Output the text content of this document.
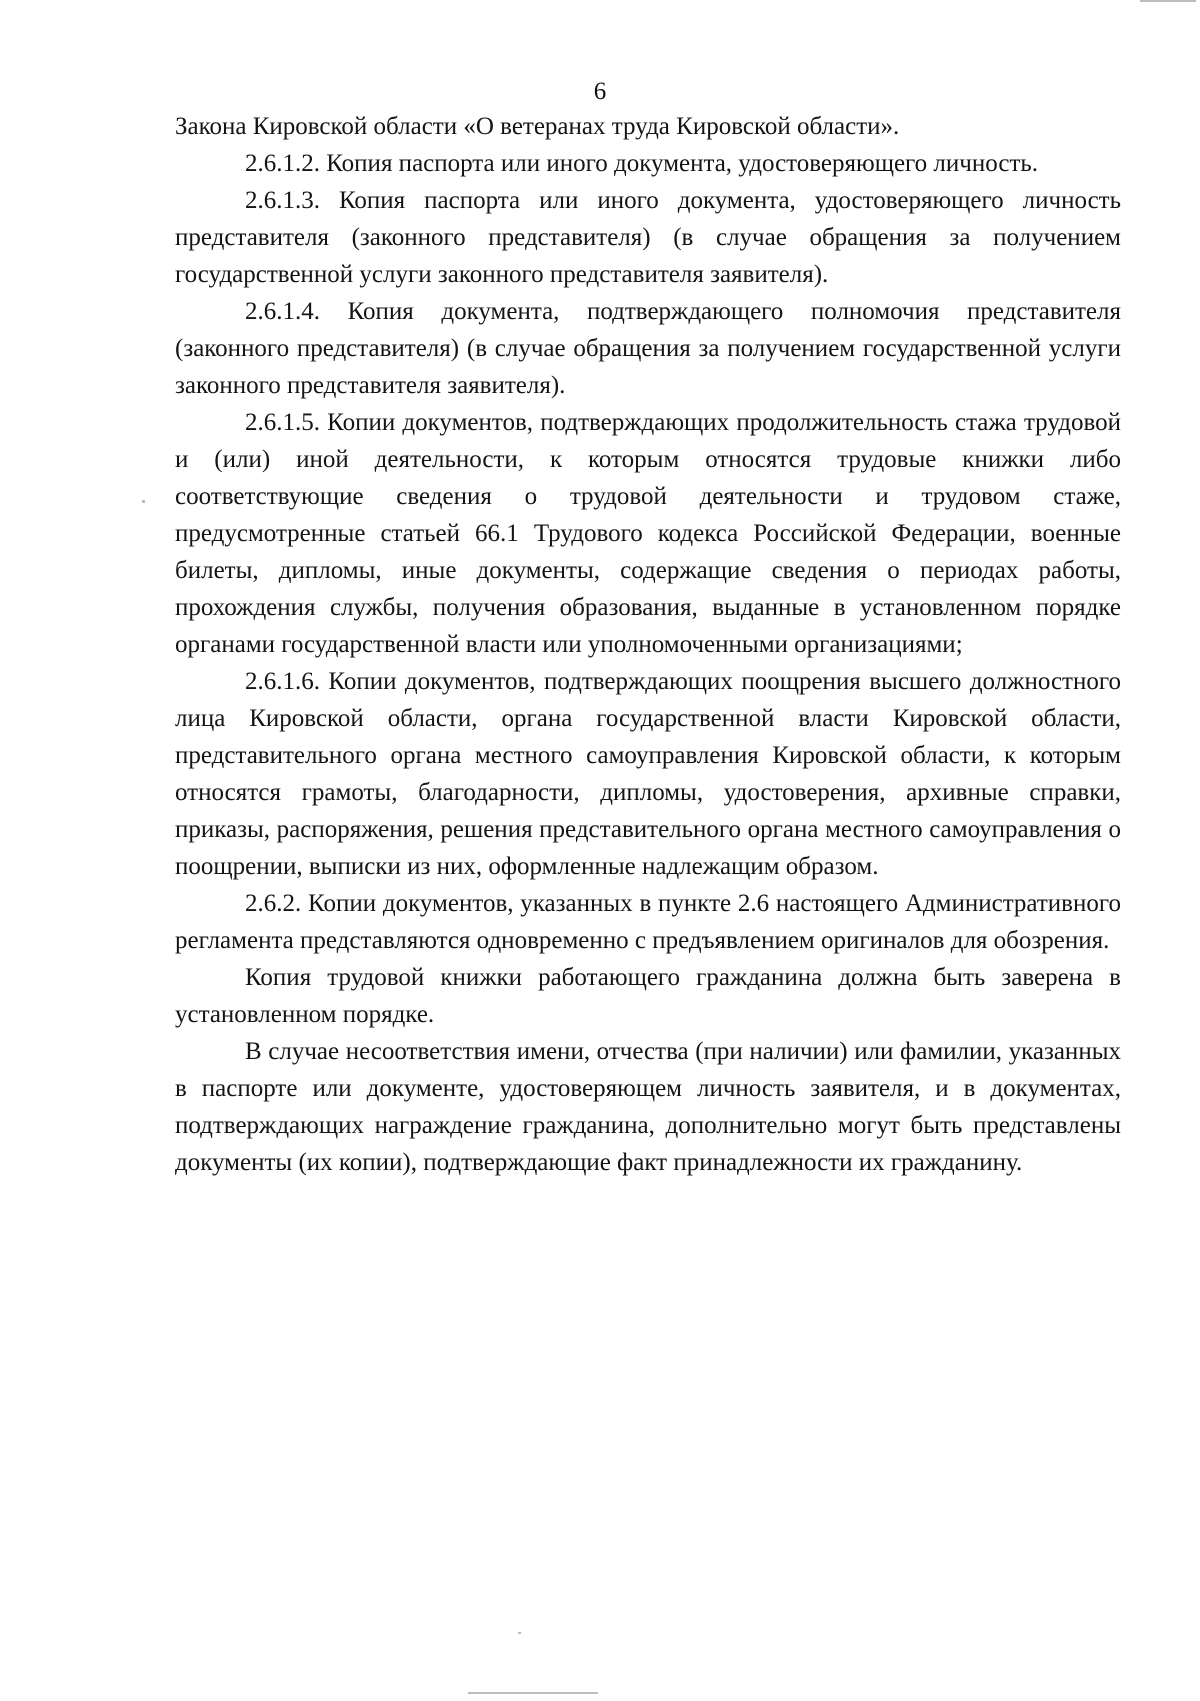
6

Закона Кировской области «О ветеранах труда Кировской области».

2.6.1.2. Копия паспорта или иного документа, удостоверяющего личность.

2.6.1.3. Копия паспорта или иного документа, удостоверяющего личность представителя (законного представителя) (в случае обращения за получением государственной услуги законного представителя заявителя).

2.6.1.4. Копия документа, подтверждающего полномочия представителя (законного представителя) (в случае обращения за получением государственной услуги законного представителя заявителя).

2.6.1.5. Копии документов, подтверждающих продолжительность стажа трудовой и (или) иной деятельности, к которым относятся трудовые книжки либо соответствующие сведения о трудовой деятельности и трудовом стаже, предусмотренные статьей 66.1 Трудового кодекса Российской Федерации, военные билеты, дипломы, иные документы, содержащие сведения о периодах работы, прохождения службы, получения образования, выданные в установленном порядке органами государственной власти или уполномоченными организациями;

2.6.1.6. Копии документов, подтверждающих поощрения высшего должностного лица Кировской области, органа государственной власти Кировской области, представительного органа местного самоуправления Кировской области, к которым относятся грамоты, благодарности, дипломы, удостоверения, архивные справки, приказы, распоряжения, решения представительного органа местного самоуправления о поощрении, выписки из них, оформленные надлежащим образом.

2.6.2. Копии документов, указанных в пункте 2.6 настоящего Административного регламента представляются одновременно с предъявлением оригиналов для обозрения.

Копия трудовой книжки работающего гражданина должна быть заверена в установленном порядке.

В случае несоответствия имени, отчества (при наличии) или фамилии, указанных в паспорте или документе, удостоверяющем личность заявителя, и в документах, подтверждающих награждение гражданина, дополнительно могут быть представлены документы (их копии), подтверждающие факт принадлежности их гражданину.
